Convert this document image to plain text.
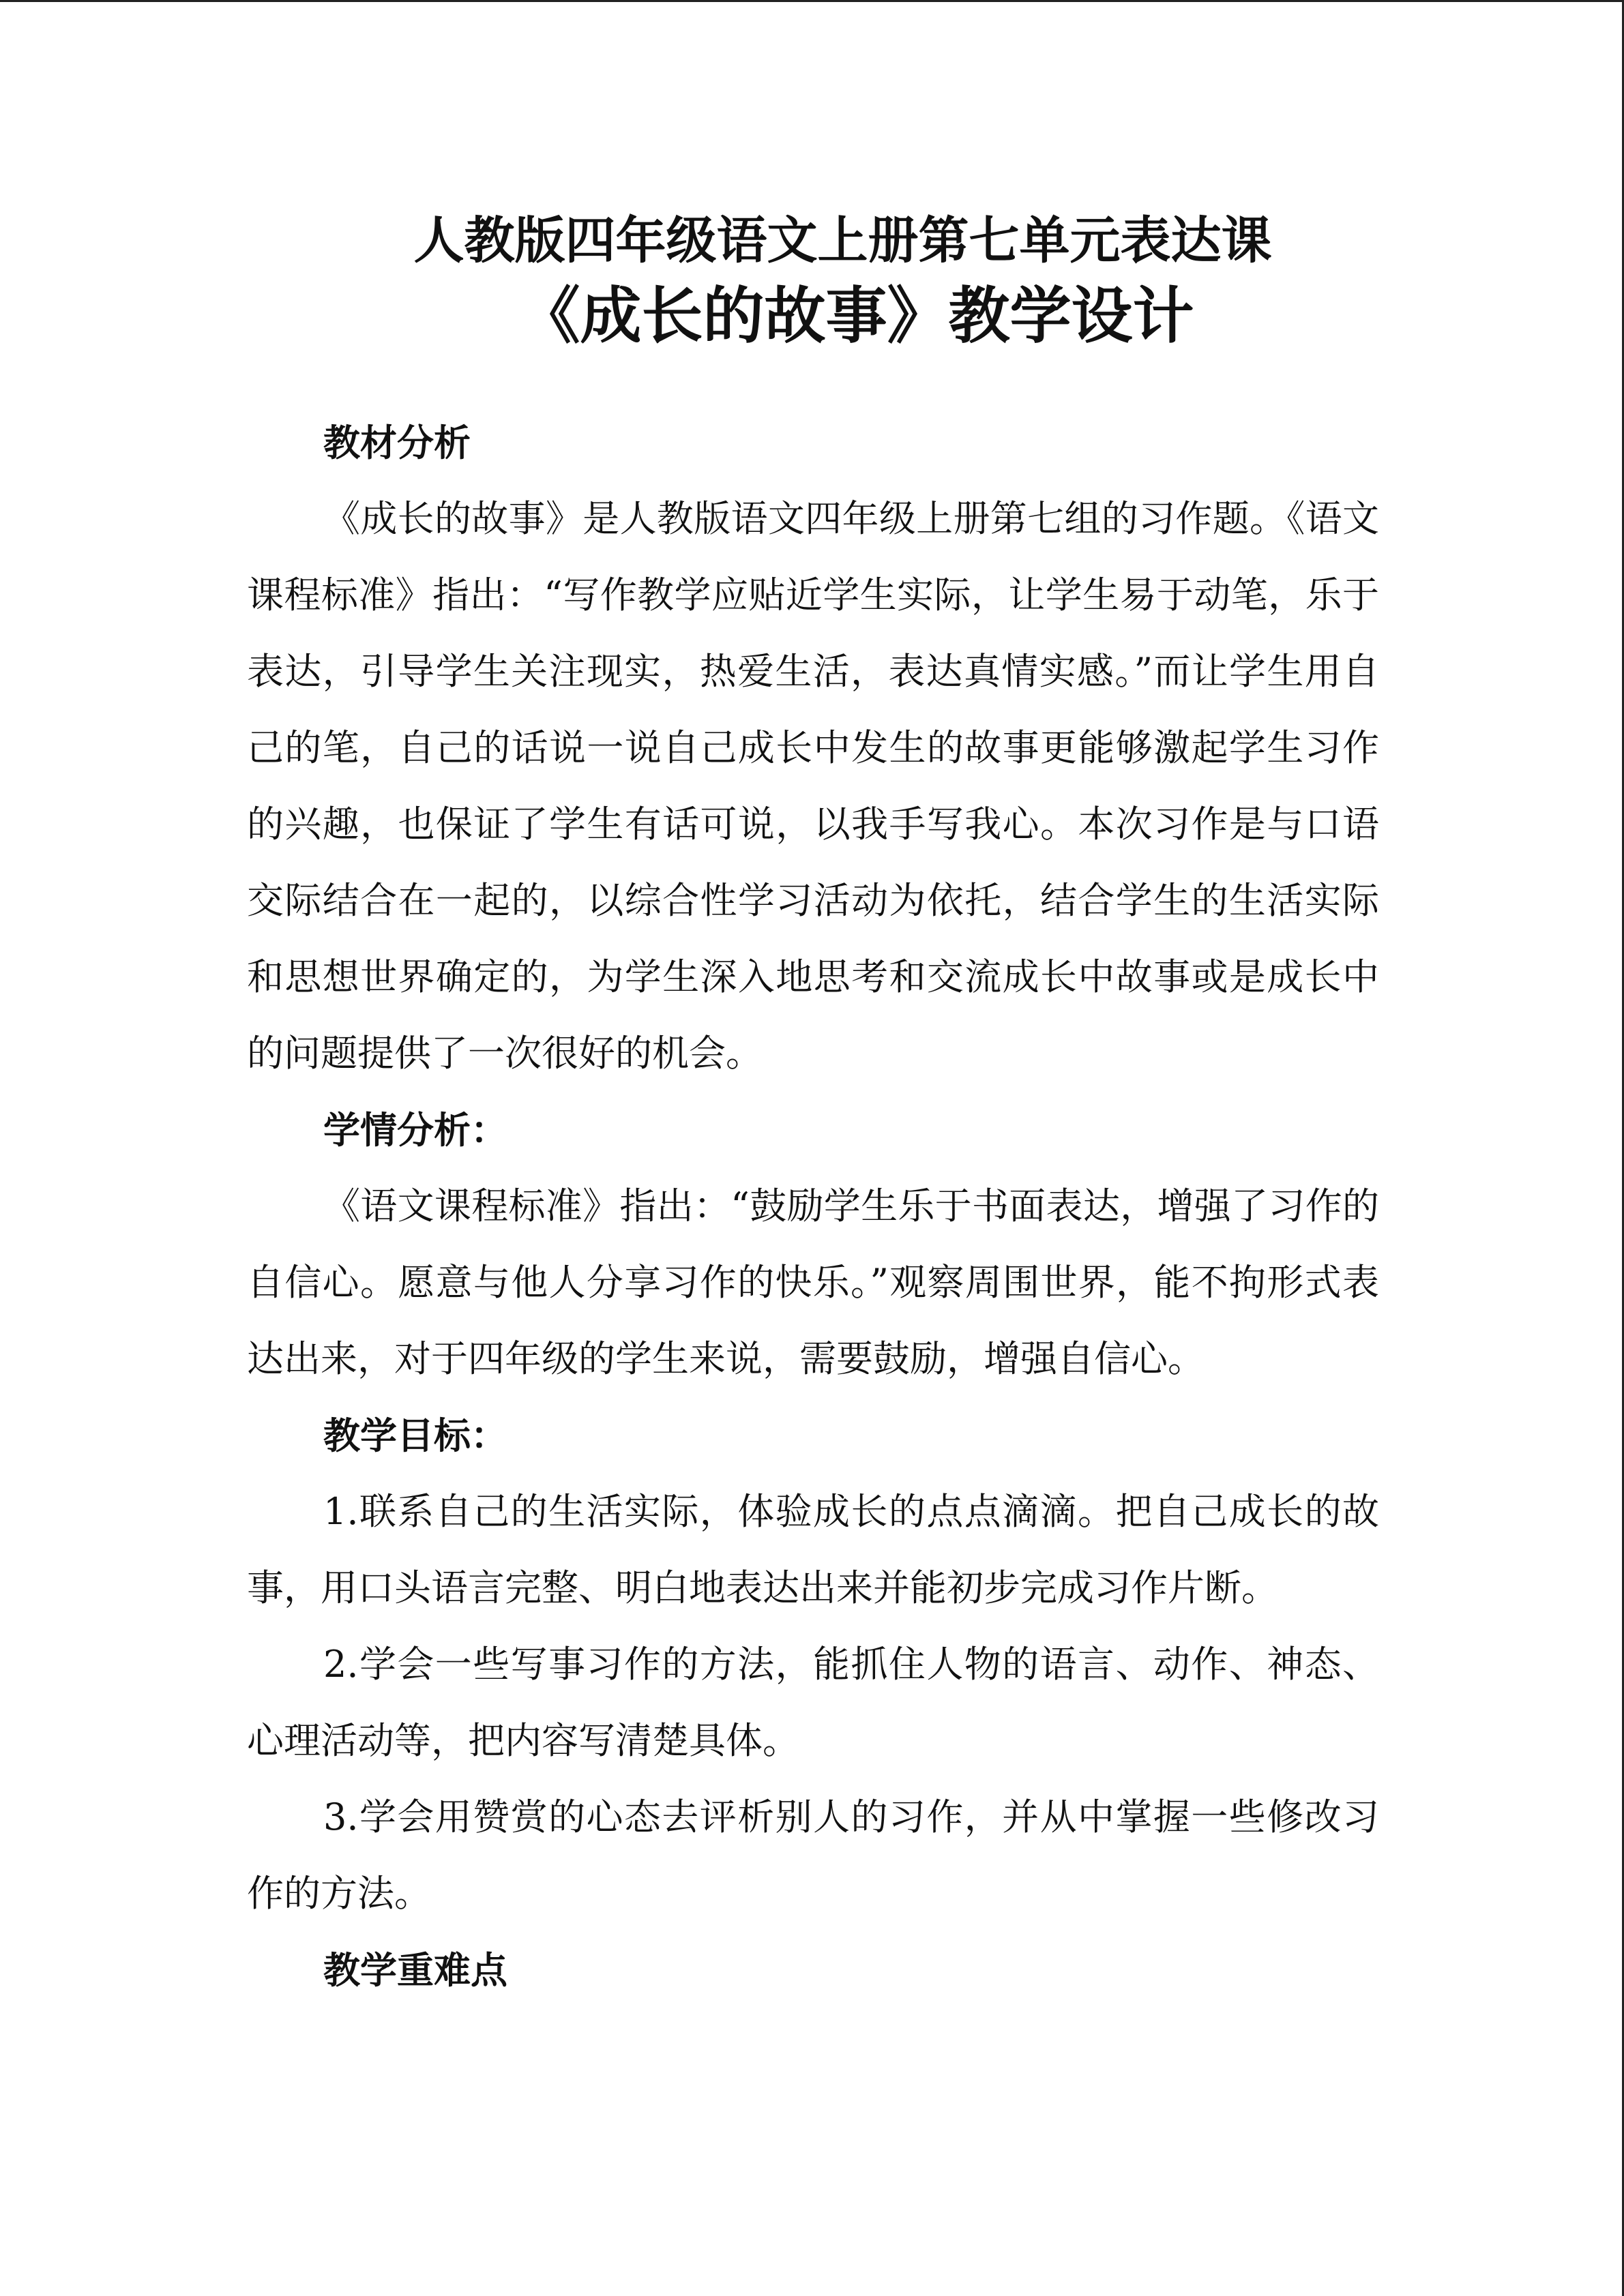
人教版四年级语文上册第七单元表达课
《成长的故事》教学设计

教材分析

《成长的故事》是人教版语文四年级上册第七组的习作题。《语文课程标准》指出：“写作教学应贴近学生实际，让学生易于动笔，乐于表达，引导学生关注现实，热爱生活，表达真情实感。”而让学生用自己的笔，自己的话说一说自己成长中发生的故事更能够激起学生习作的兴趣，也保证了学生有话可说，以我手写我心。本次习作是与口语交际结合在一起的，以综合性学习活动为依托，结合学生的生活实际和思想世界确定的，为学生深入地思考和交流成长中故事或是成长中的问题提供了一次很好的机会。

学情分析：

《语文课程标准》指出：“鼓励学生乐于书面表达，增强了习作的自信心。愿意与他人分享习作的快乐。”观察周围世界，能不拘形式表达出来，对于四年级的学生来说，需要鼓励，增强自信心。

教学目标：

1.联系自己的生活实际，体验成长的点点滴滴。把自己成长的故事，用口头语言完整、明白地表达出来并能初步完成习作片断。

2.学会一些写事习作的方法，能抓住人物的语言、动作、神态、心理活动等，把内容写清楚具体。

3.学会用赞赏的心态去评析别人的习作，并从中掌握一些修改习作的方法。

教学重难点
